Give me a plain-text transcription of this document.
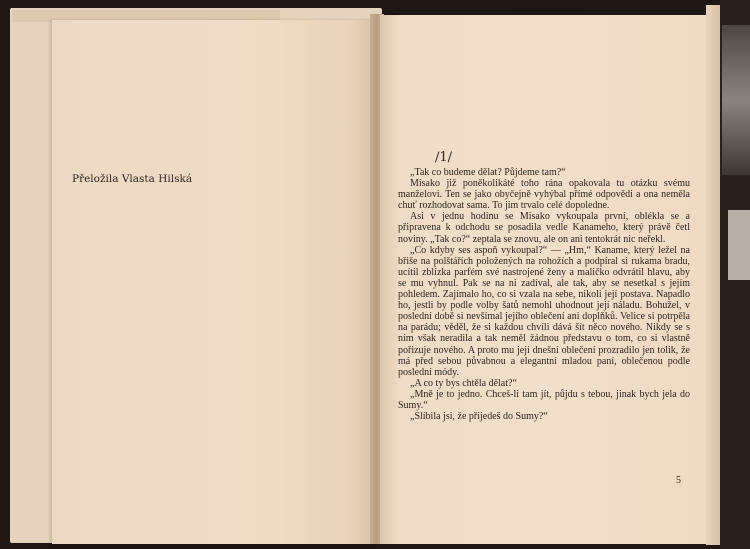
Přeložila Vlasta Hilská
/1/

„Tak co budeme dělat? Půjdeme tam?“

Misako již poněkolikáté toho rána opakovala tu otázku svému manželovi. Ten se jako obyčejně vyhýbal přímé odpovědi a ona neměla chuť rozhodovat sama. To jim trvalo celé dopoledne.

Asi v jednu hodinu se Misako vykoupala první, oblékla se a připravena k odchodu se posadila vedle Kanameho, který právě četl noviny. „Tak co?“ zeptala se znovu, ale on ani tentokrát nic neřekl.

„Co kdyby ses aspoň vykoupal?“ — „Hm,“ Kaname, který ležel na břiše na polštářích položených na rohožích a podpíral si rukama bradu, ucítil zblízka parfém své nastrojené ženy a maličko odvrátil hlavu, aby se mu vyhnul. Pak se na ni zadíval, ale tak, aby se nesetkal s jejím pohledem. Zajímalo ho, co si vzala na sebe, nikoli její postava. Napadlo ho, jestli by podle volby šatů nemohl uhodnout její náladu. Bohužel, v poslední době si nevšímal jejího oblečení ani doplňků. Velice si potrpěla na parádu; věděl, že si každou chvíli dává šít něco nového. Nikdy se s ním však neradila a tak neměl žádnou představu o tom, co si vlastně pořizuje nového. A proto mu její dnešní oblečení prozradilo jen tolik, že má před sebou půvabnou a elegantní mladou paní, oblečenou podle poslední módy.

„A co ty bys chtěla dělat?“

„Mně je to jedno. Chceš-li tam jít, půjdu s tebou, jinak bych jela do Sumy.“

„Slíbila jsi, že přijedeš do Sumy?“

5
